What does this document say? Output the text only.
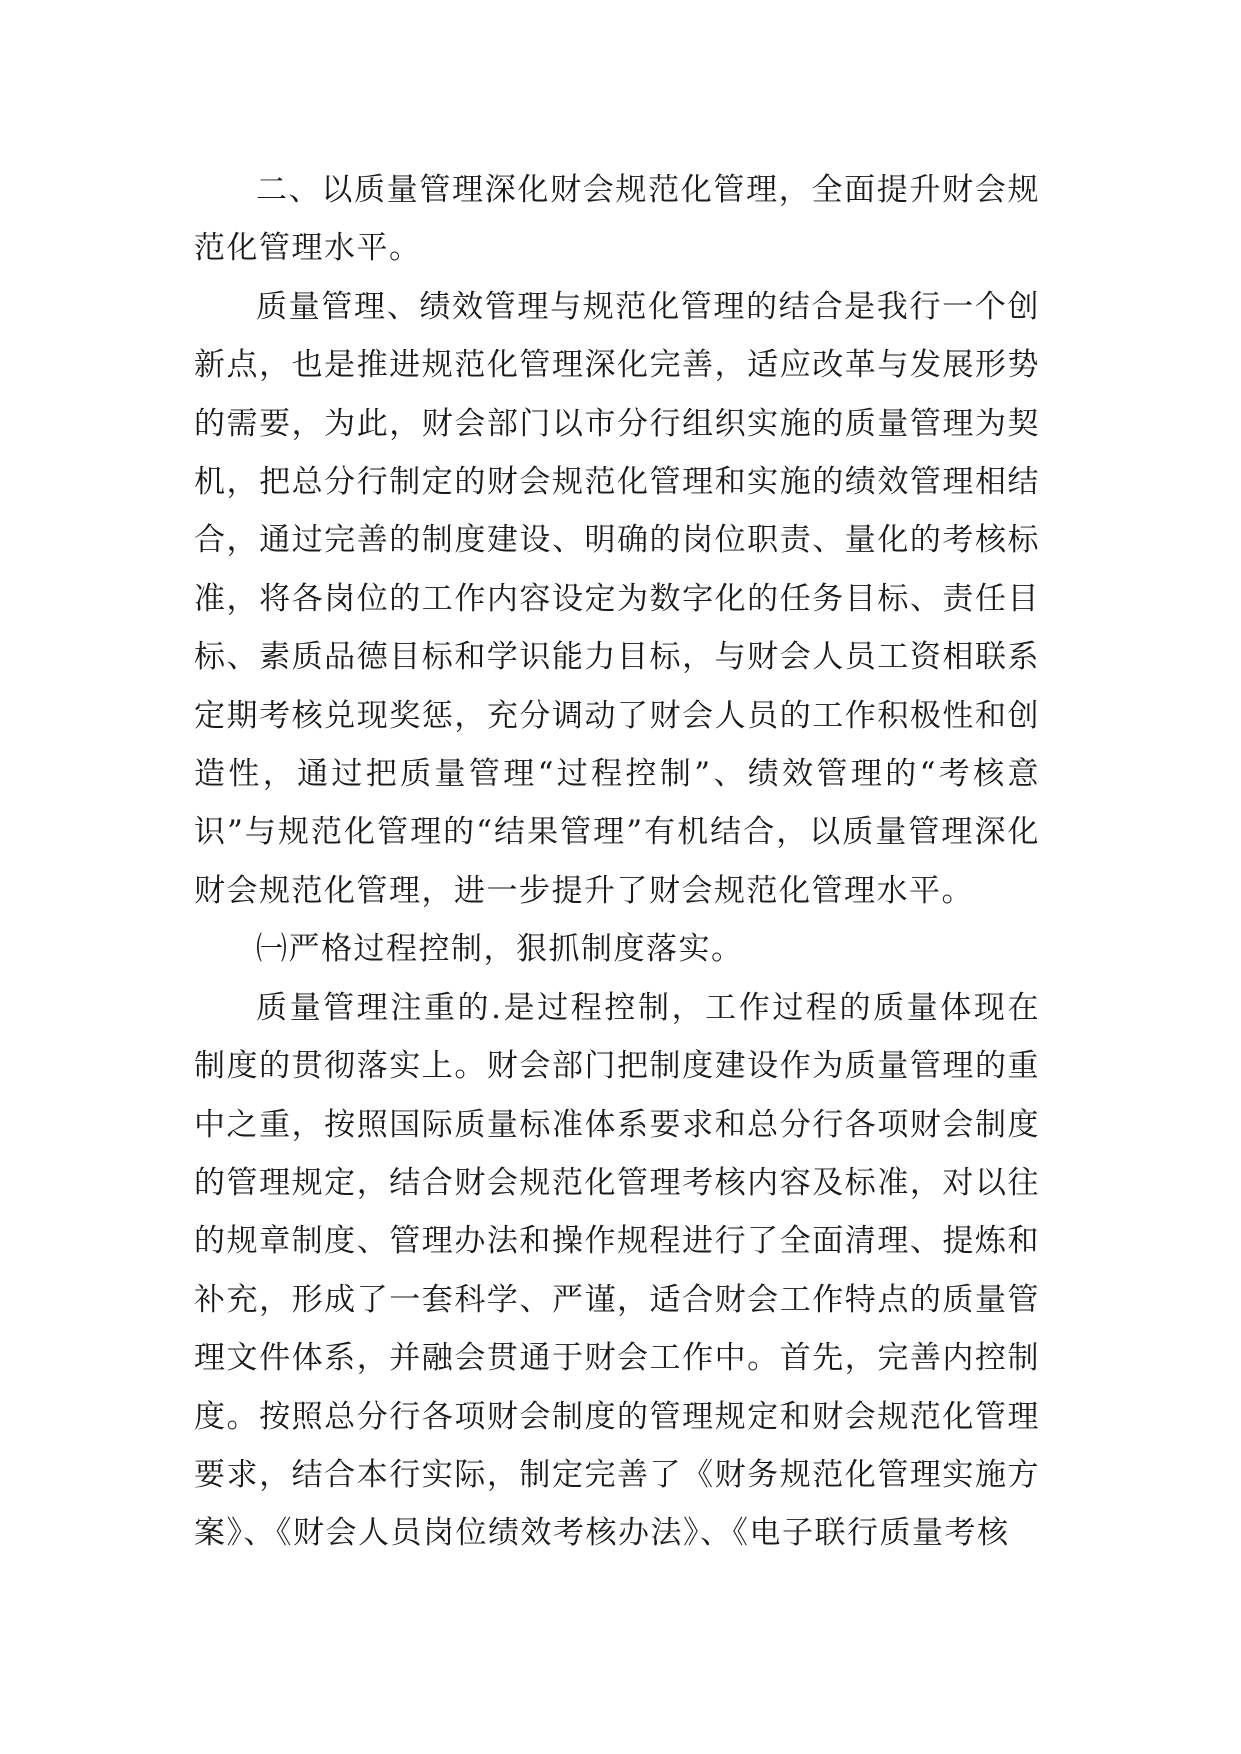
二、以质量管理深化财会规范化管理，全面提升财会规范化管理水平。

质量管理、绩效管理与规范化管理的结合是我行一个创新点，也是推进规范化管理深化完善，适应改革与发展形势的需要，为此，财会部门以市分行组织实施的质量管理为契机，把总分行制定的财会规范化管理和实施的绩效管理相结合，通过完善的制度建设、明确的岗位职责、量化的考核标准，将各岗位的工作内容设定为数字化的任务目标、责任目标、素质品德目标和学识能力目标，与财会人员工资相联系定期考核兑现奖惩，充分调动了财会人员的工作积极性和创造性，通过把质量管理“过程控制”、绩效管理的“考核意识”与规范化管理的“结果管理”有机结合，以质量管理深化财会规范化管理，进一步提升了财会规范化管理水平。

㈠严格过程控制，狠抓制度落实。

质量管理注重的.是过程控制，工作过程的质量体现在制度的贯彻落实上。财会部门把制度建设作为质量管理的重中之重，按照国际质量标准体系要求和总分行各项财会制度的管理规定，结合财会规范化管理考核内容及标准，对以往的规章制度、管理办法和操作规程进行了全面清理、提炼和补充，形成了一套科学、严谨，适合财会工作特点的质量管理文件体系，并融会贯通于财会工作中。首先，完善内控制度。按照总分行各项财会制度的管理规定和财会规范化管理要求，结合本行实际，制定完善了《财务规范化管理实施方案》、《财会人员岗位绩效考核办法》、《电子联行质量考核
